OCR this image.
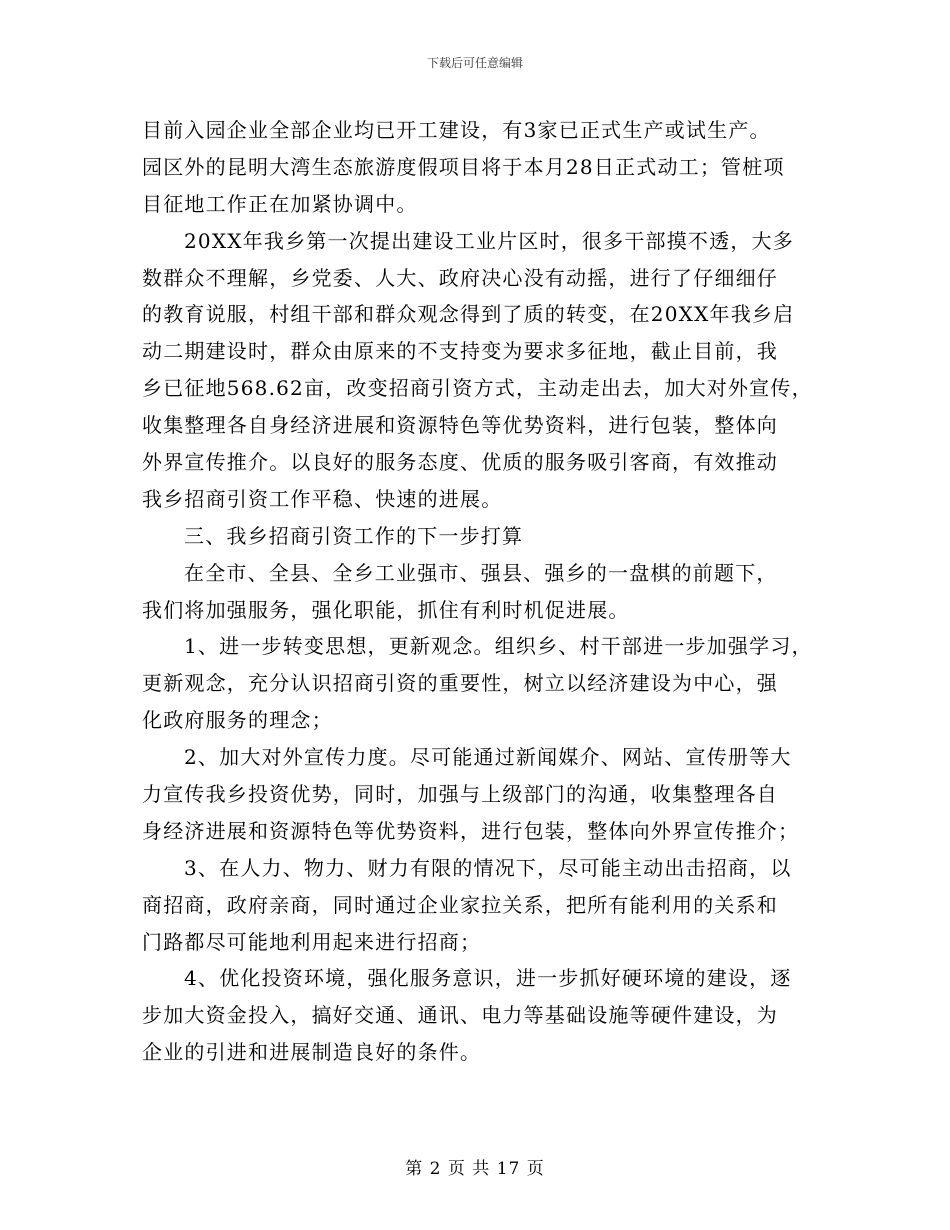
下载后可任意编辑
目前入园企业全部企业均已开工建设，有3家已正式生产或试生产。
园区外的昆明大湾生态旅游度假项目将于本月28日正式动工；管桩项
目征地工作正在加紧协调中。
20XX年我乡第一次提出建设工业片区时，很多干部摸不透，大多
数群众不理解，乡党委、人大、政府决心没有动摇，进行了仔细细仔
的教育说服，村组干部和群众观念得到了质的转变，在20XX年我乡启
动二期建设时，群众由原来的不支持变为要求多征地，截止目前，我
乡已征地568.62亩，改变招商引资方式，主动走出去，加大对外宣传，
收集整理各自身经济进展和资源特色等优势资料，进行包装，整体向
外界宣传推介。以良好的服务态度、优质的服务吸引客商，有效推动
我乡招商引资工作平稳、快速的进展。
三、我乡招商引资工作的下一步打算
在全市、全县、全乡工业强市、强县、强乡的一盘棋的前题下，
我们将加强服务，强化职能，抓住有利时机促进展。
1、进一步转变思想，更新观念。组织乡、村干部进一步加强学习，
更新观念，充分认识招商引资的重要性，树立以经济建设为中心，强
化政府服务的理念；
2、加大对外宣传力度。尽可能通过新闻媒介、网站、宣传册等大
力宣传我乡投资优势，同时，加强与上级部门的沟通，收集整理各自
身经济进展和资源特色等优势资料，进行包装，整体向外界宣传推介；
3、在人力、物力、财力有限的情况下，尽可能主动出击招商，以
商招商，政府亲商，同时通过企业家拉关系，把所有能利用的关系和
门路都尽可能地利用起来进行招商；
4、优化投资环境，强化服务意识，进一步抓好硬环境的建设，逐
步加大资金投入，搞好交通、通讯、电力等基础设施等硬件建设，为
企业的引进和进展制造良好的条件。
第 2 页 共 17 页
